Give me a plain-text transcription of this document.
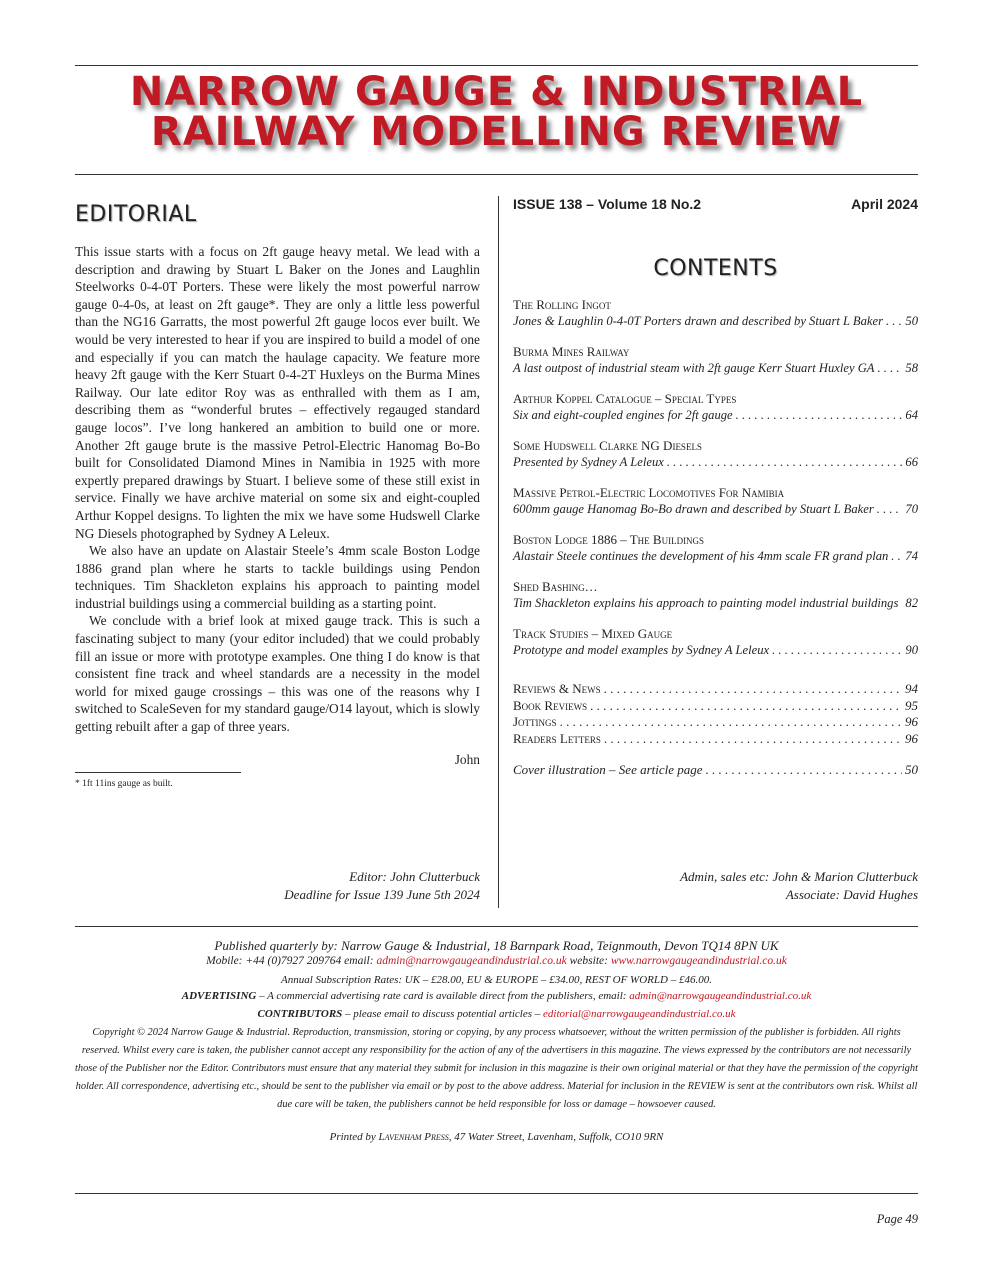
NARROW GAUGE & INDUSTRIAL
RAILWAY MODELLING REVIEW
EDITORIAL

This issue starts with a focus on 2ft gauge heavy metal. We lead with a description and drawing by Stuart L Baker on the Jones and Laughlin Steelworks 0-4-0T Porters. These were likely the most powerful narrow gauge 0-4-0s, at least on 2ft gauge*. They are only a little less powerful than the NG16 Garratts, the most powerful 2ft gauge locos ever built. We would be very interested to hear if you are inspired to build a model of one and especially if you can match the haulage capacity. We feature more heavy 2ft gauge with the Kerr Stuart 0-4-2T Huxleys on the Burma Mines Railway. Our late editor Roy was as enthralled with them as I am, describing them as “wonderful brutes – effectively regauged standard gauge locos”. I’ve long hankered an ambition to build one or more. Another 2ft gauge brute is the massive Petrol-Electric Hanomag Bo-Bo built for Consolidated Diamond Mines in Namibia in 1925 with more expertly prepared drawings by Stuart. I believe some of these still exist in service. Finally we have archive material on some six and eight-coupled Arthur Koppel designs. To lighten the mix we have some Hudswell Clarke NG Diesels photographed by Sydney A Leleux.

We also have an update on Alastair Steele’s 4mm scale Boston Lodge 1886 grand plan where he starts to tackle buildings using Pendon techniques. Tim Shackleton explains his approach to painting model industrial buildings using a commercial building as a starting point.

We conclude with a brief look at mixed gauge track. This is such a fascinating subject to many (your editor included) that we could probably fill an issue or more with prototype examples. One thing I do know is that consistent fine track and wheel standards are a necessity in the model world for mixed gauge crossings – this was one of the reasons why I switched to ScaleSeven for my standard gauge/O14 layout, which is slowly getting rebuilt after a gap of three years.

John
* 1ft 11ins gauge as built.
Editor: John Clutterbuck
Deadline for Issue 139 June 5th 2024
ISSUE 138 – Volume 18 No.2	April 2024
CONTENTS
The Rolling Ingot
Jones & Laughlin 0-4-0T Porters drawn and described by Stuart L Baker . . . 50
Burma Mines Railway
A last outpost of industrial steam with 2ft gauge Kerr Stuart Huxley GA . . . 58
Arthur Koppel Catalogue – Special Types
Six and eight-coupled engines for 2ft gauge . . .	64
Some Hudswell Clarke NG Diesels
Presented by Sydney A Leleux . . .	66
Massive Petrol-Electric Locomotives For Namibia
600mm gauge Hanomag Bo-Bo drawn and described by Stuart L Baker . . .	70
Boston Lodge 1886 – The Buildings
Alastair Steele continues the development of his 4mm scale FR grand plan . . . 74
Shed Bashing…
Tim Shackleton explains his approach to painting model industrial buildings . . . 82
Track Studies – Mixed Gauge
Prototype and model examples by Sydney A Leleux . . .	90
Reviews & News . . .	94
Book Reviews . . .	95
Jottings . . .	96
Readers Letters . . .	96
Cover illustration – See article page . . .	50
Admin, sales etc: John & Marion Clutterbuck
Associate: David Hughes
Published quarterly by: Narrow Gauge & Industrial, 18 Barnpark Road, Teignmouth, Devon TQ14 8PN UK
Mobile: +44 (0)7927 209764 email: admin@narrowgaugeandindustrial.co.uk website: www.narrowgaugeandindustrial.co.uk
Annual Subscription Rates: UK – £28.00, EU & EUROPE – £34.00, REST OF WORLD – £46.00.
ADVERTISING – A commercial advertising rate card is available direct from the publishers, email: admin@narrowgaugeandindustrial.co.uk
CONTRIBUTORS – please email to discuss potential articles – editorial@narrowgaugeandindustrial.co.uk
Copyright © 2024 Narrow Gauge & Industrial. Reproduction, transmission, storing or copying, by any process whatsoever, without the written permission of the publisher is forbidden. All rights reserved. Whilst every care is taken, the publisher cannot accept any responsibility for the action of any of the advertisers in this magazine. The views expressed by the contributors are not necessarily those of the Publisher nor the Editor. Contributors must ensure that any material they submit for inclusion in this magazine is their own original material or that they have the permission of the copyright holder. All correspondence, advertising etc., should be sent to the publisher via email or by post to the above address. Material for inclusion in the REVIEW is sent at the contributors own risk. Whilst all due care will be taken, the publishers cannot be held responsible for loss or damage – howsoever caused.
Printed by Lavenham Press, 47 Water Street, Lavenham, Suffolk, CO10 9RN
Page 49
